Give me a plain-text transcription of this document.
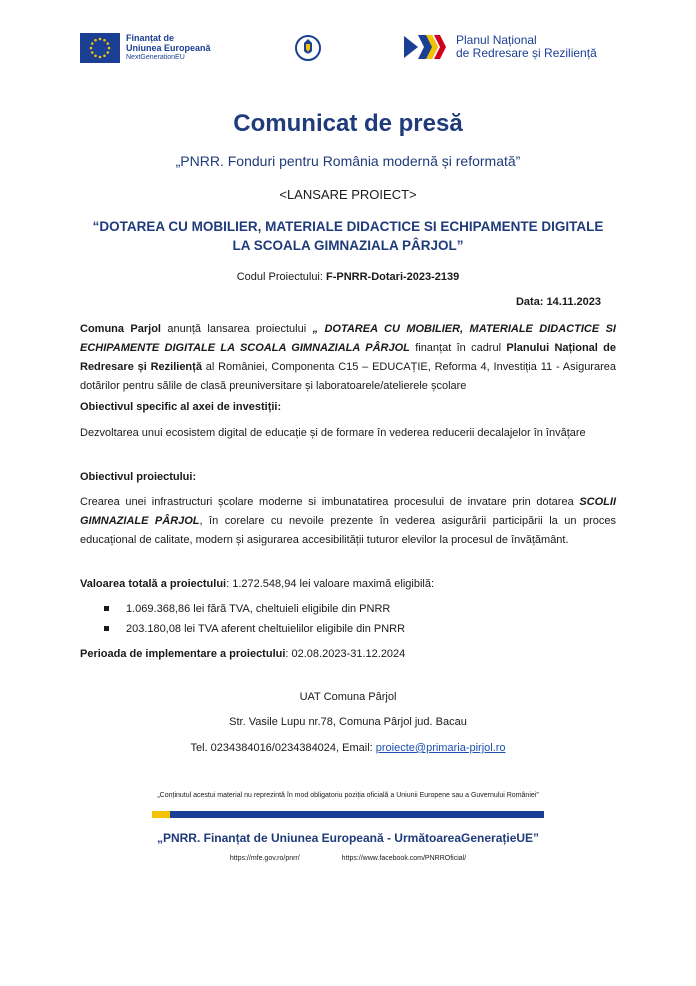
Finanțat de
Uniunea Europeană
NextGenerationEU
Planul Național
de Redresare și Reziliență
Comunicat de presă
„PNRR. Fonduri pentru România modernă și reformată”
<LANSARE PROIECT>
“DOTAREA CU MOBILIER, MATERIALE DIDACTICE SI ECHIPAMENTE DIGITALE
LA SCOALA GIMNAZIALA PÂRJOL”
Codul Proiectului: F-PNRR-Dotari-2023-2139
Data: 14.11.2023
Comuna Parjol anunță lansarea proiectului „ DOTAREA CU MOBILIER, MATERIALE DIDACTICE SI ECHIPAMENTE DIGITALE LA SCOALA GIMNAZIALA PÂRJOL finanțat în cadrul Planului Național de Redresare și Reziliență al României, Componenta C15 – EDUCAȚIE, Reforma 4, Investiția 11 - Asigurarea dotărilor pentru sălile de clasă preuniversitare și laboratoarele/atelierele școlare
Obiectivul specific al axei de investiții:
Dezvoltarea unui ecosistem digital de educație și de formare în vederea reducerii decalajelor în învățare
Obiectivul proiectului:
Crearea unei infrastructuri școlare moderne si imbunatatirea procesului de invatare prin dotarea SCOLII GIMNAZIALE PÂRJOL, în corelare cu nevoile prezente în vederea asigurării participării la un proces educațional de calitate, modern și asigurarea accesibilității tuturor elevilor la procesul de învățământ.
Valoarea totală a proiectului: 1.272.548,94 lei valoare maximă eligibilă:
1.069.368,86 lei fără TVA, cheltuieli eligibile din PNRR
203.180,08 lei TVA aferent cheltuielilor eligibile din PNRR
Perioada de implementare a proiectului: 02.08.2023-31.12.2024
UAT Comuna Pârjol
Str. Vasile Lupu nr.78, Comuna Pârjol jud. Bacau
Tel. 0234384016/0234384024, Email: proiecte@primaria-pirjol.ro
„Conținutul acestui material nu reprezintă în mod obligatoriu poziția oficială a Uniunii Europene sau a Guvernului României”
„PNRR. Finanțat de Uniunea Europeană - UrmătoareaGenerațieUE”
https://mfe.gov.ro/pnrr/	https://www.facebook.com/PNRROficial/
